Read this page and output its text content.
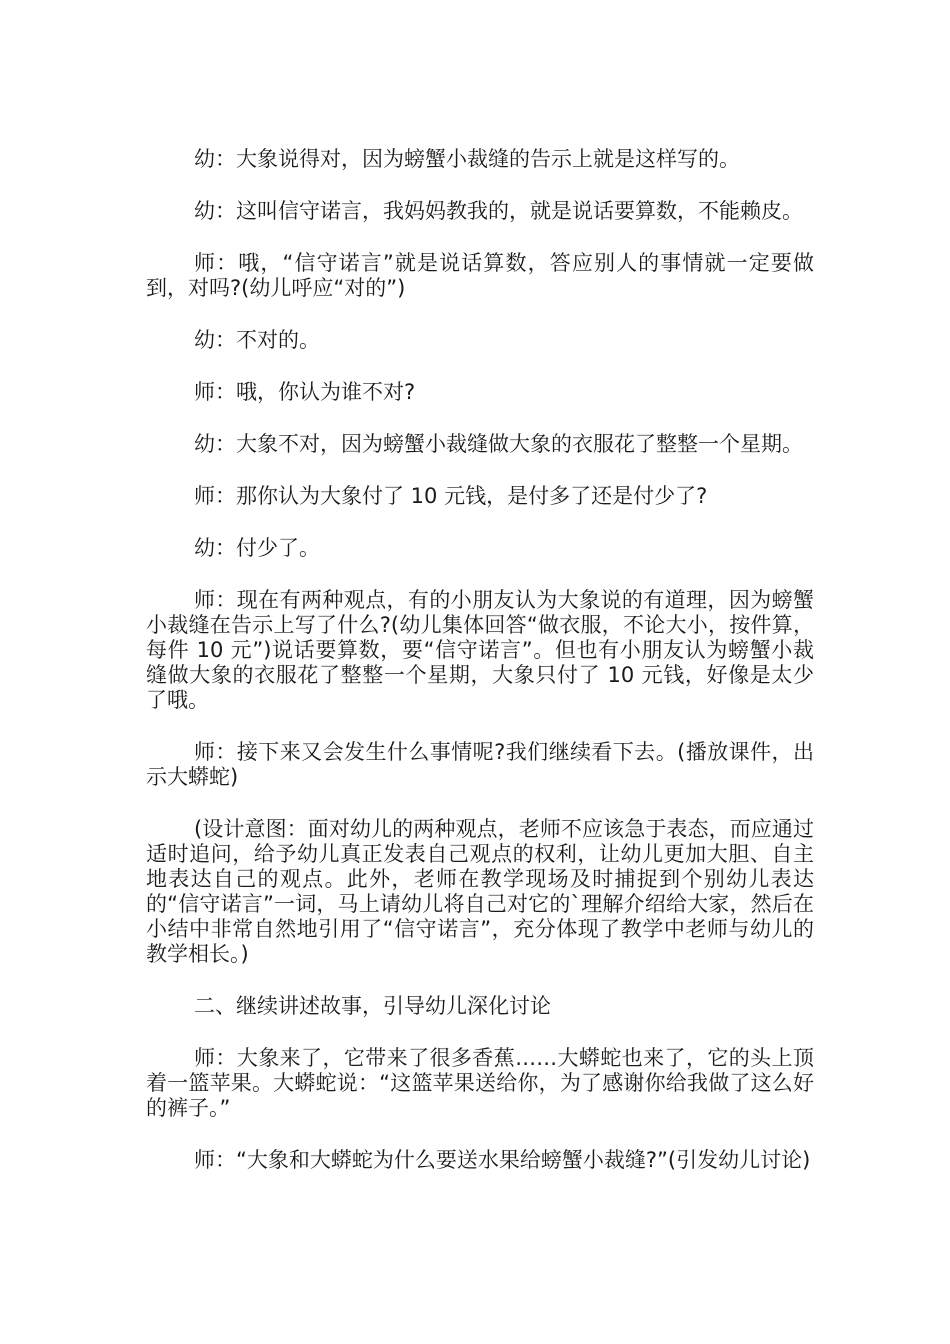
幼：大象说得对，因为螃蟹小裁缝的告示上就是这样写的。

幼：这叫信守诺言，我妈妈教我的，就是说话要算数，不能赖皮。

师：哦，“信守诺言”就是说话算数，答应别人的事情就一定要做到，对吗?(幼儿呼应“对的”)

幼：不对的。

师：哦，你认为谁不对?

幼：大象不对，因为螃蟹小裁缝做大象的衣服花了整整一个星期。

师：那你认为大象付了 10 元钱，是付多了还是付少了?

幼：付少了。

师：现在有两种观点，有的小朋友认为大象说的有道理，因为螃蟹小裁缝在告示上写了什么?(幼儿集体回答“做衣服，不论大小，按件算，每件 10 元”)说话要算数，要“信守诺言”。但也有小朋友认为螃蟹小裁缝做大象的衣服花了整整一个星期，大象只付了 10 元钱，好像是太少了哦。

师：接下来又会发生什么事情呢?我们继续看下去。(播放课件，出示大蟒蛇)

(设计意图：面对幼儿的两种观点，老师不应该急于表态，而应通过适时追问，给予幼儿真正发表自己观点的权利，让幼儿更加大胆、自主地表达自己的观点。此外，老师在教学现场及时捕捉到个别幼儿表达的“信守诺言”一词，马上请幼儿将自己对它的`理解介绍给大家，然后在小结中非常自然地引用了“信守诺言”，充分体现了教学中老师与幼儿的教学相长。)

二、继续讲述故事，引导幼儿深化讨论

师：大象来了，它带来了很多香蕉……大蟒蛇也来了，它的头上顶着一篮苹果。大蟒蛇说：“这篮苹果送给你，为了感谢你给我做了这么好的裤子。”

师：“大象和大蟒蛇为什么要送水果给螃蟹小裁缝?”(引发幼儿讨论)
